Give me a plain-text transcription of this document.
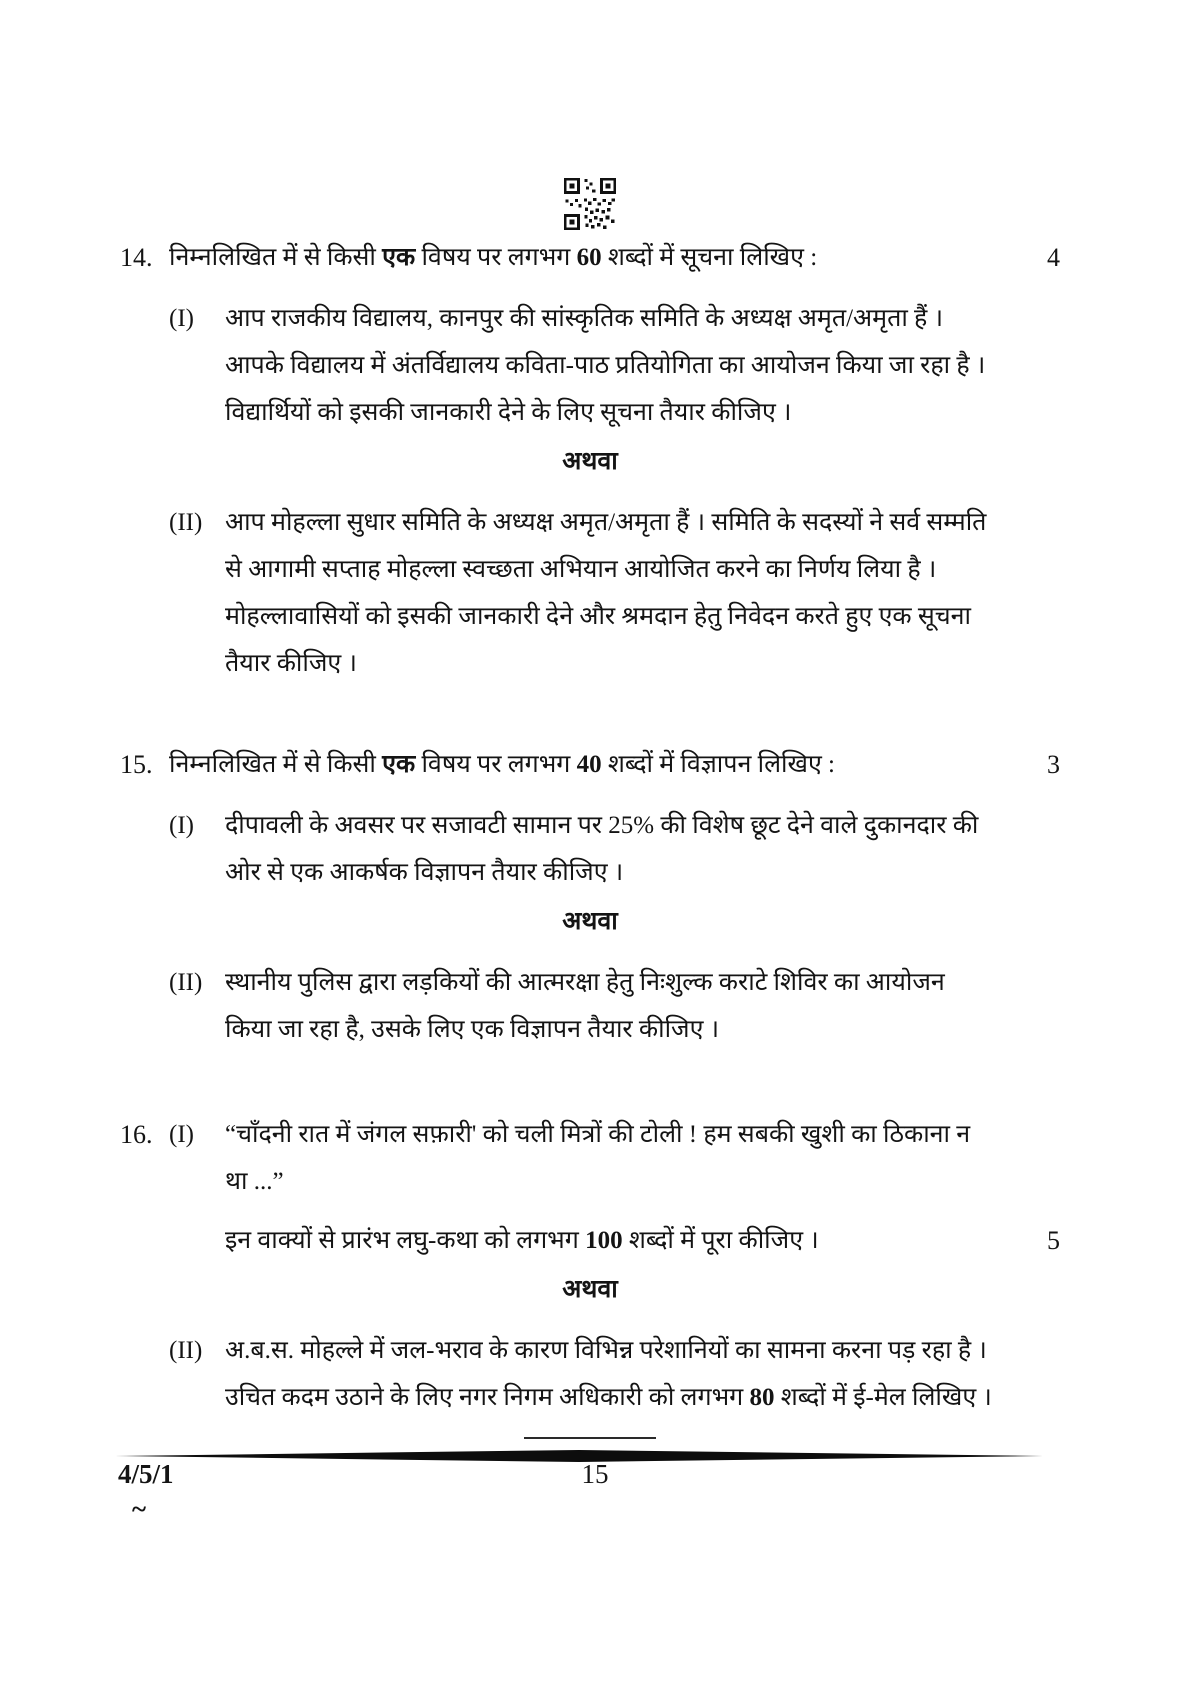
14. निम्नलिखित में से किसी एक विषय पर लगभग 60 शब्दों में सूचना लिखिए :	4
(I)	आप राजकीय विद्यालय, कानपुर की सांस्कृतिक समिति के अध्यक्ष अमृत/अमृता हैं ।
आपके विद्यालय में अंतर्विद्यालय कविता-पाठ प्रतियोगिता का आयोजन किया जा रहा है ।
विद्यार्थियों को इसकी जानकारी देने के लिए सूचना तैयार कीजिए ।
अथवा
(II) आप मोहल्ला सुधार समिति के अध्यक्ष अमृत/अमृता हैं । समिति के सदस्यों ने सर्व सम्मति
से आगामी सप्ताह मोहल्ला स्वच्छता अभियान आयोजित करने का निर्णय लिया है ।
मोहल्लावासियों को इसकी जानकारी देने और श्रमदान हेतु निवेदन करते हुए एक सूचना
तैयार कीजिए ।
15. निम्नलिखित में से किसी एक विषय पर लगभग 40 शब्दों में विज्ञापन लिखिए :	3
(I)	दीपावली के अवसर पर सजावटी सामान पर 25% की विशेष छूट देने वाले दुकानदार की
ओर से एक आकर्षक विज्ञापन तैयार कीजिए ।
अथवा
(II) स्थानीय पुलिस द्वारा लड़कियों की आत्मरक्षा हेतु निःशुल्क कराटे शिविर का आयोजन
किया जा रहा है, उसके लिए एक विज्ञापन तैयार कीजिए ।
16. (I)	“चाँदनी रात में जंगल सफ़ारी' को चली मित्रों की टोली ! हम सबकी खुशी का ठिकाना न
था ...”
इन वाक्यों से प्रारंभ लघु-कथा को लगभग 100 शब्दों में पूरा कीजिए ।	5
अथवा
(II) अ.ब.स. मोहल्ले में जल-भराव के कारण विभिन्न परेशानियों का सामना करना पड़ रहा है ।
उचित कदम उठाने के लिए नगर निगम अधिकारी को लगभग 80 शब्दों में ई-मेल लिखिए ।
4/5/1	15
~
